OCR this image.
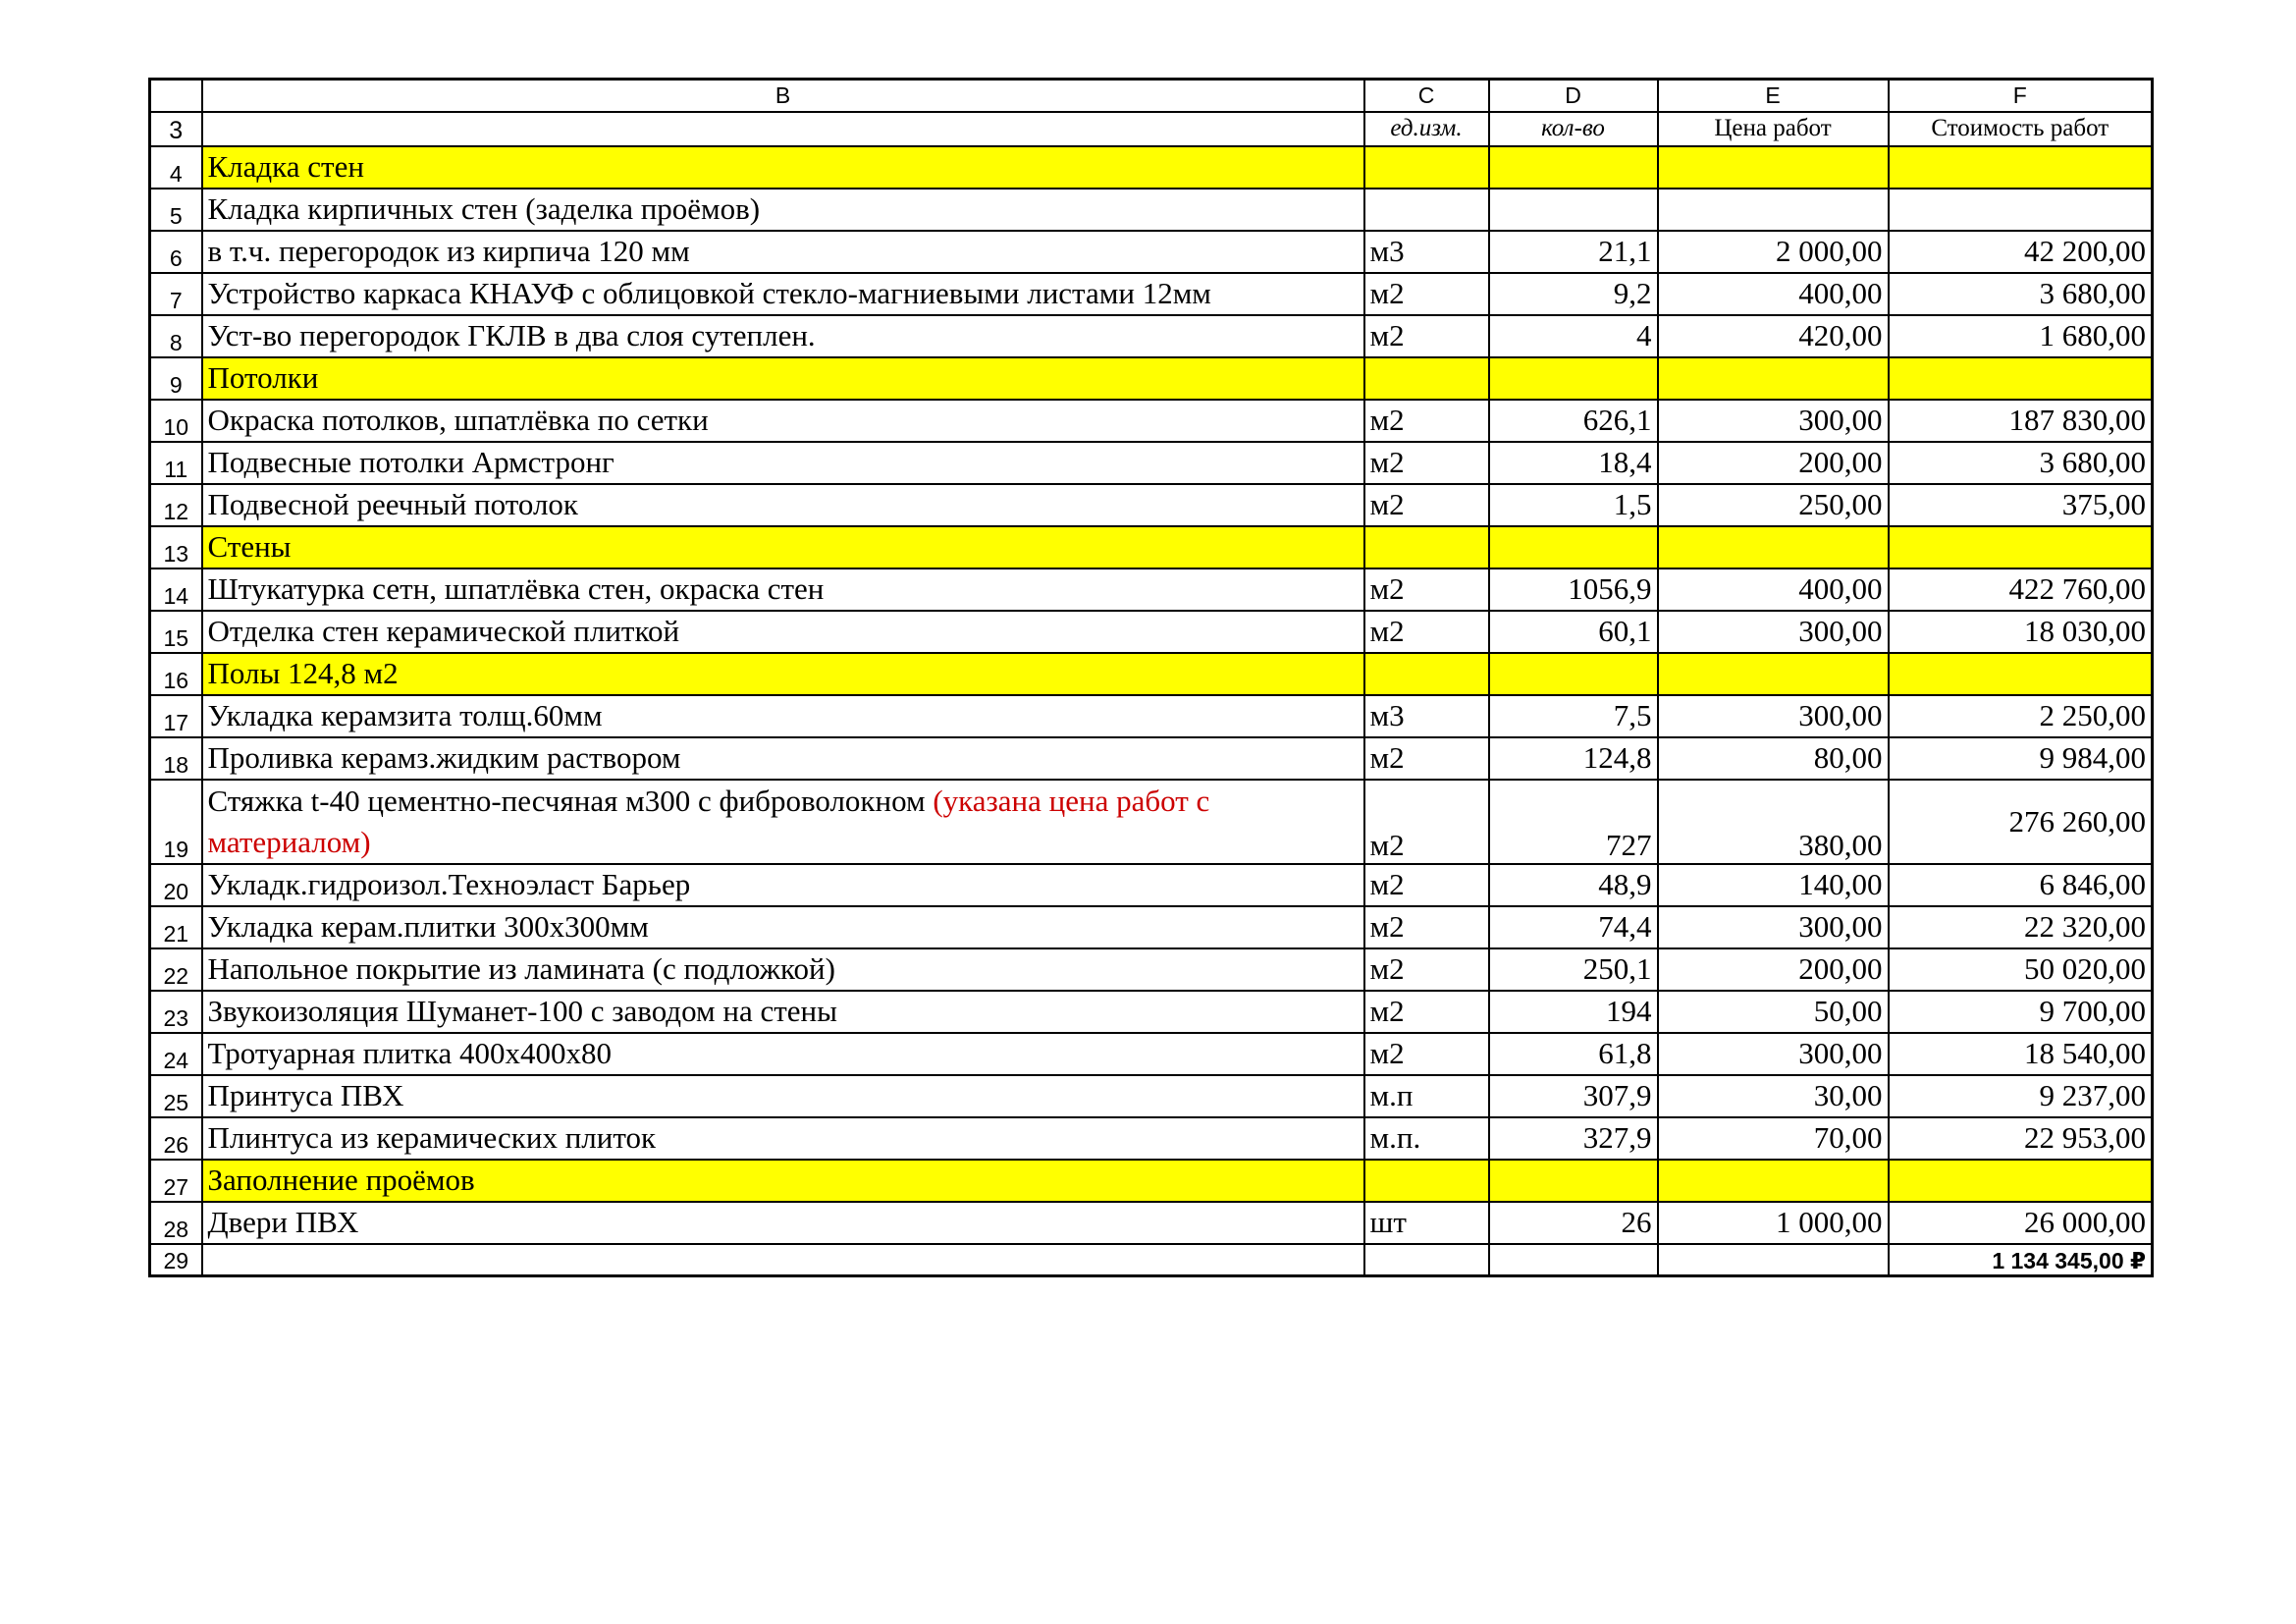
	B	C	D	E	F
3		ед.изм.	кол-во	Цена работ	Стоимость работ
4	Кладка стен				
5	Кладка кирпичных стен (заделка проёмов)				
6	в т.ч. перегородок из кирпича 120 мм	м3	21,1	2 000,00	42 200,00
7	Устройство каркаса КНАУФ с облицовкой стекло-магниевыми листами 12мм	м2	9,2	400,00	3 680,00
8	Уст-во перегородок ГКЛВ в два слоя сутеплен.	м2	4	420,00	1 680,00
9	Потолки				
10	Окраска потолков, шпатлёвка по сетки	м2	626,1	300,00	187 830,00
11	Подвесные потолки Армстронг	м2	18,4	200,00	3 680,00
12	Подвесной реечный потолок	м2	1,5	250,00	375,00
13	Стены				
14	Штукатурка сетн, шпатлёвка стен, окраска стен	м2	1056,9	400,00	422 760,00
15	Отделка стен керамической плиткой	м2	60,1	300,00	18 030,00
16	Полы 124,8 м2				
17	Укладка керамзита толщ.60мм	м3	7,5	300,00	2 250,00
18	Проливка керамз.жидким раствором	м2	124,8	80,00	9 984,00
19	Стяжка t-40 цементно-песчяная м300 с фиброволокном (указана цена работ с материалом)	м2	727	380,00	276 260,00
20	Укладк.гидроизол.Техноэласт Барьер	м2	48,9	140,00	6 846,00
21	Укладка керам.плитки 300х300мм	м2	74,4	300,00	22 320,00
22	Напольное покрытие из ламината (с подложкой)	м2	250,1	200,00	50 020,00
23	Звукоизоляция Шуманет-100 с заводом на стены	м2	194	50,00	9 700,00
24	Тротуарная плитка 400х400х80	м2	61,8	300,00	18 540,00
25	Принтуса ПВХ	м.п	307,9	30,00	9 237,00
26	Плинтуса из керамических плиток	м.п.	327,9	70,00	22 953,00
27	Заполнение проёмов				
28	Двери ПВХ	шт	26	1 000,00	26 000,00
29					1 134 345,00 ₽
